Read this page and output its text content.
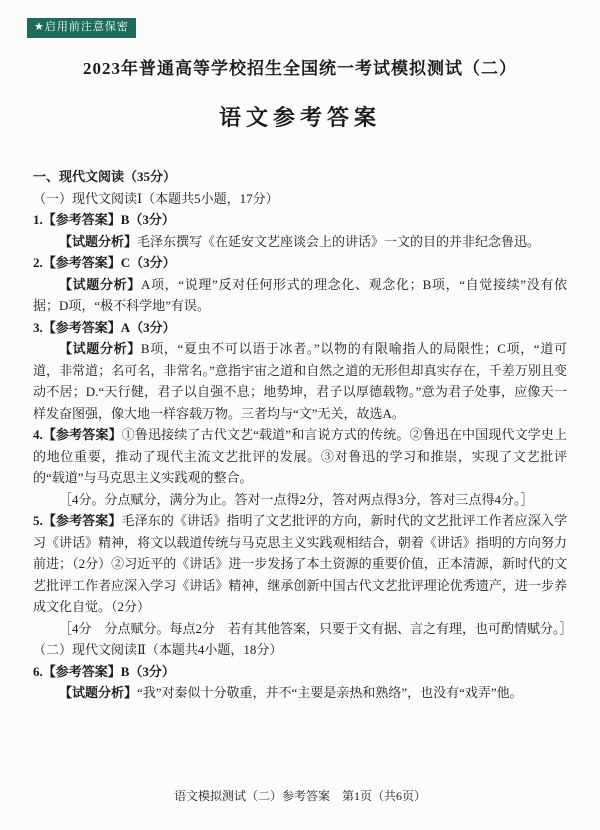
★启用前注意保密
2023年普通高等学校招生全国统一考试模拟测试（二）
语文参考答案

一、现代文阅读（35分）

（一）现代文阅读Ⅰ（本题共5小题，17分）

1.【参考答案】B（3分）

【试题分析】毛泽东撰写《在延安文艺座谈会上的讲话》一文的目的并非纪念鲁迅。

2.【参考答案】C（3分）

【试题分析】A项，“说理”反对任何形式的理念化、观念化；B项，“自觉接续”没有依据；D项，“极不科学地”有误。

3.【参考答案】A（3分）

【试题分析】B项，“夏虫不可以语于冰者。”以物的有限喻指人的局限性；C项，“道可道，非常道；名可名，非常名。”意指宇宙之道和自然之道的无形但却真实存在，千差万别且变动不居；D.“天行健，君子以自强不息；地势坤，君子以厚德载物。”意为君子处事，应像天一样发奋图强，像大地一样容载万物。三者均与“文”无关，故选A。

4.【参考答案】①鲁迅接续了古代文艺“载道”和言说方式的传统。②鲁迅在中国现代文学史上的地位重要，推动了现代主流文艺批评的发展。③对鲁迅的学习和推崇，实现了文艺批评的“载道”与马克思主义实践观的整合。

［4分。分点赋分，满分为止。答对一点得2分，答对两点得3分，答对三点得4分。］

5.【参考答案】毛泽东的《讲话》指明了文艺批评的方向，新时代的文艺批评工作者应深入学习《讲话》精神，将文以载道传统与马克思主义实践观相结合，朝着《讲话》指明的方向努力前进；（2分）②习近平的《讲话》进一步发扬了本土资源的重要价值，正本清源，新时代的文艺批评工作者应深入学习《讲话》精神，继承创新中国古代文艺批评理论优秀遗产，进一步养成文化自觉。（2分）

［4分　分点赋分。每点2分　若有其他答案，只要于文有据、言之有理，也可酌情赋分。］

（二）现代文阅读Ⅱ（本题共4小题，18分）

6.【参考答案】B（3分）

【试题分析】“我”对秦似十分敬重，并不“主要是亲热和熟络”，也没有“戏弄”他。

语文模拟测试（二）参考答案　第1页（共6页）
